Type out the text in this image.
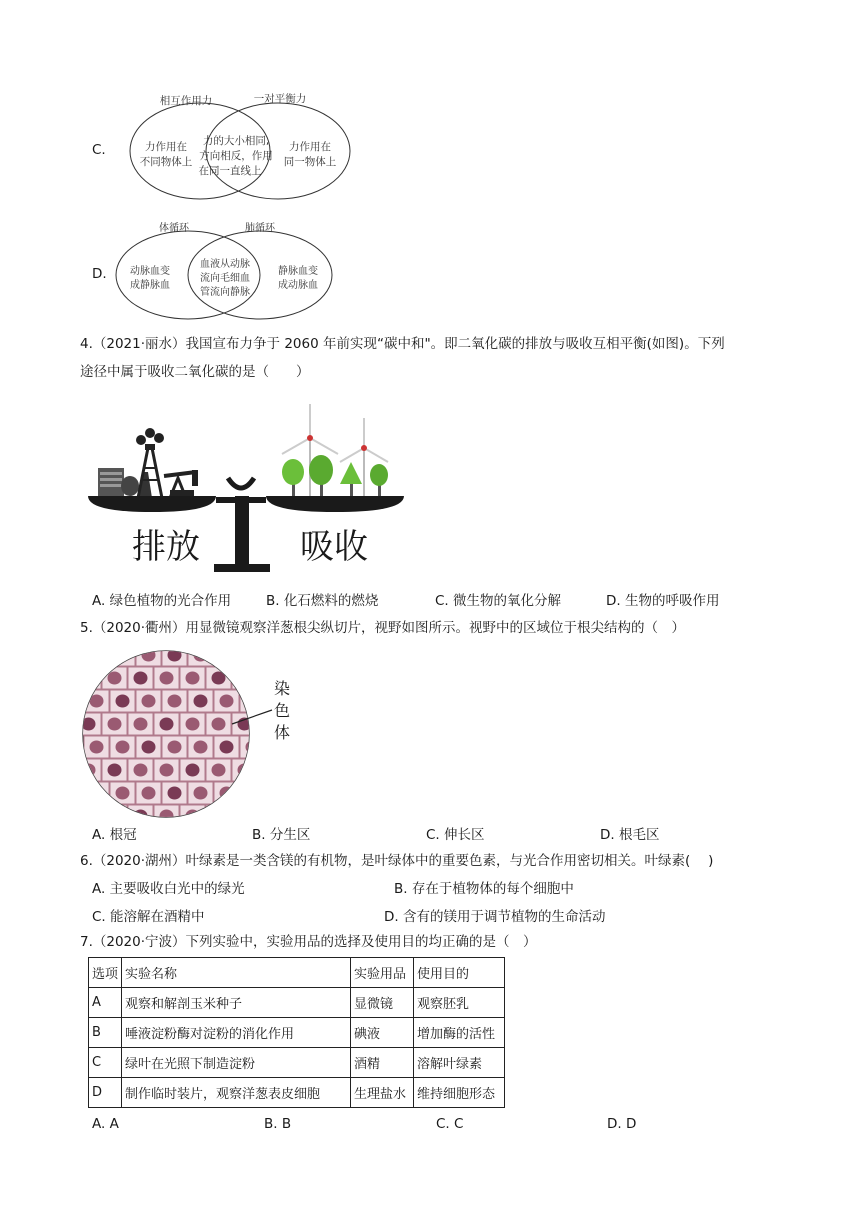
C.
相互作用力	一对平衡力
力作用在
不同物体上
力的大小相同,
方向相反，作用
在同一直线上
力作用在
同一物体上
D.
体循环	肺循环
动脉血变
成静脉血
血液从动脉
流向毛细血
管流向静脉
静脉血变
成动脉血
4.（2021·丽水）我国宣布力争于 2060 年前实现“碳中和"。即二氧化碳的排放与吸收互相平衡(如图)。下列
途径中属于吸收二氧化碳的是（　　）
排放	吸收
A. 绿色植物的光合作用	B. 化石燃料的燃烧	C. 微生物的氧化分解	D. 生物的呼吸作用
5.（2020·衢州）用显微镜观察洋葱根尖纵切片，视野如图所示。视野中的区域位于根尖结构的（　）
染
色
体
A. 根冠	B. 分生区	C. 伸长区	D. 根毛区
6.（2020·湖州）叶绿素是一类含镁的有机物，是叶绿体中的重要色素，与光合作用密切相关。叶绿素(　 )
A. 主要吸收白光中的绿光	B. 存在于植物体的每个细胞中
C. 能溶解在酒精中	D. 含有的镁用于调节植物的生命活动
7.（2020·宁波）下列实验中，实验用品的选择及使用目的均正确的是（　）
选项	实验名称	实验用品	使用目的
A	观察和解剖玉米种子	显微镜	观察胚乳
B	唾液淀粉酶对淀粉的消化作用	碘液	增加酶的活性
C	绿叶在光照下制造淀粉	酒精	溶解叶绿素
D	制作临时装片，观察洋葱表皮细胞	生理盐水	维持细胞形态
A. A	B. B	C. C	D. D
